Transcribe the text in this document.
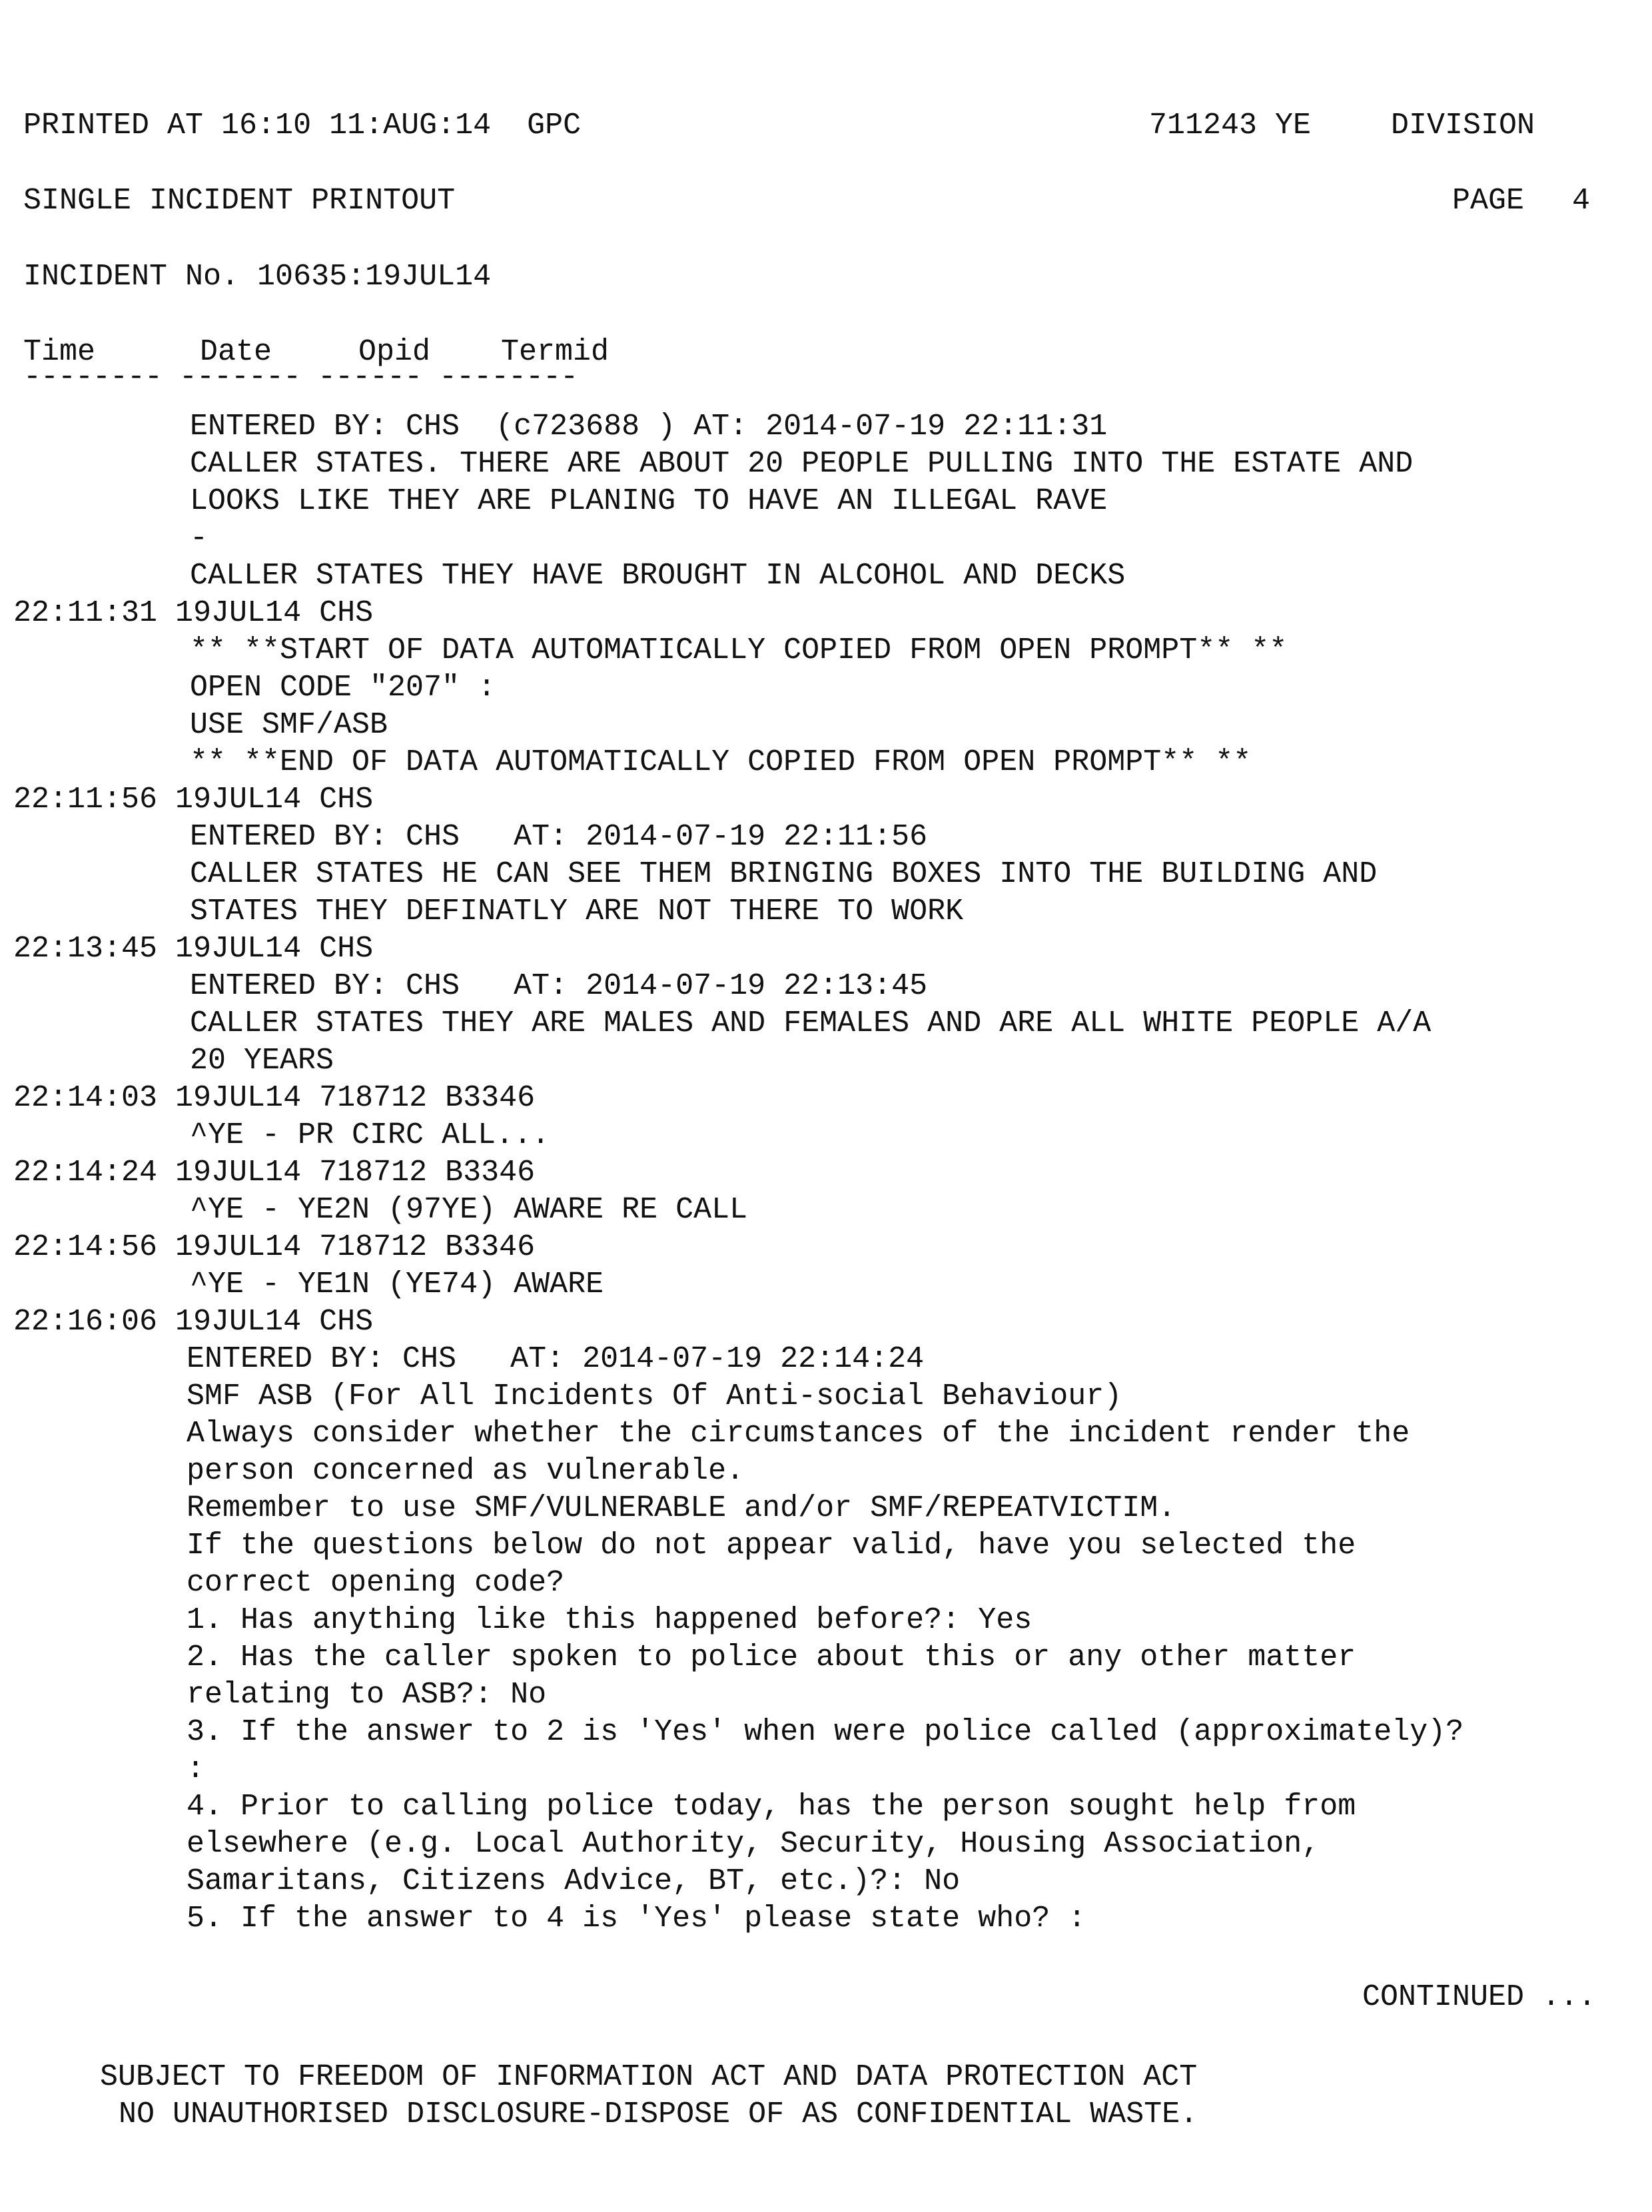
PRINTED AT 16:10 11:AUG:14  GPC	711243 YE	DIVISION
SINGLE INCIDENT PRINTOUT	PAGE 4
INCIDENT No. 10635:19JUL14
Time	Date	Opid Termid
-------- ------- ------ --------
ENTERED BY: CHS  (c723688 ) AT: 2014-07-19 22:11:31
CALLER STATES. THERE ARE ABOUT 20 PEOPLE PULLING INTO THE ESTATE AND
LOOKS LIKE THEY ARE PLANING TO HAVE AN ILLEGAL RAVE
-
CALLER STATES THEY HAVE BROUGHT IN ALCOHOL AND DECKS
22:11:31 19JUL14 CHS
** **START OF DATA AUTOMATICALLY COPIED FROM OPEN PROMPT** **
OPEN CODE "207" :
USE SMF/ASB
** **END OF DATA AUTOMATICALLY COPIED FROM OPEN PROMPT** **
22:11:56 19JUL14 CHS
ENTERED BY: CHS   AT: 2014-07-19 22:11:56
CALLER STATES HE CAN SEE THEM BRINGING BOXES INTO THE BUILDING AND
STATES THEY DEFINATLY ARE NOT THERE TO WORK
22:13:45 19JUL14 CHS
ENTERED BY: CHS   AT: 2014-07-19 22:13:45
CALLER STATES THEY ARE MALES AND FEMALES AND ARE ALL WHITE PEOPLE A/A
20 YEARS
22:14:03 19JUL14 718712 B3346
^YE - PR CIRC ALL...
22:14:24 19JUL14 718712 B3346
^YE - YE2N (97YE) AWARE RE CALL
22:14:56 19JUL14 718712 B3346
^YE - YE1N (YE74) AWARE
22:16:06 19JUL14 CHS
ENTERED BY: CHS   AT: 2014-07-19 22:14:24
SMF ASB (For All Incidents Of Anti-social Behaviour)
Always consider whether the circumstances of the incident render the
person concerned as vulnerable.
Remember to use SMF/VULNERABLE and/or SMF/REPEATVICTIM.
If the questions below do not appear valid, have you selected the
correct opening code?
1. Has anything like this happened before?: Yes
2. Has the caller spoken to police about this or any other matter
relating to ASB?: No
3. If the answer to 2 is 'Yes' when were police called (approximately)?
:
4. Prior to calling police today, has the person sought help from
elsewhere (e.g. Local Authority, Security, Housing Association,
Samaritans, Citizens Advice, BT, etc.)?: No
5. If the answer to 4 is 'Yes' please state who? :
CONTINUED ...
SUBJECT TO FREEDOM OF INFORMATION ACT AND DATA PROTECTION ACT
NO UNAUTHORISED DISCLOSURE-DISPOSE OF AS CONFIDENTIAL WASTE.
